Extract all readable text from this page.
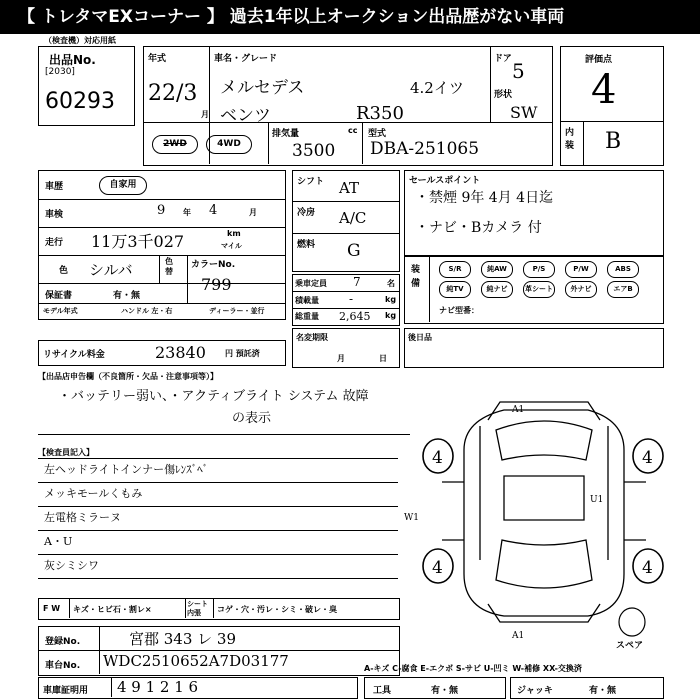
【 トレタマEXコーナー 】 過去1年以上オークション出品歴がない車両
（検査機）対応用紙
出品No.
[2030]
60293
年式
22/3
月
車名・グレード
メルセデス	4.2イツ
ベンツ	R350
ドア 5
形状
SW
2WD	4WD
排気量	cc
3500
型式
DBA-251065
評価点
4
内装 B
車歴	自家用
車検	9 年 4	月
走行 11万3千027	km
マイル
色 シルバ	色替
カラーNo.
799
保証書	有・無
モデル年式	ハンドル 左・右	ディーラー・並行
シフト AT
冷房 A/C
燃料 G
乗車定員 7	名
積載量	-	kg
総重量 2,645 kg
セールスポイント
・禁煙 9年 4月 4日迄
・ナビ・Bカメラ 付
装備
S/R	純AW	P/S	P/W	ABS
純TV	純ナビ	革シート	外ナビ	エアB
ナビ型番：
名変期限
月	日
リサイクル料金	23840 円 預託済
後日品
【出品店申告欄（不良箇所・欠品・注意事項等）】
・バッテリー弱い、・アクティブライト システム 故障
の表示
【検査員記入】
左ヘッドライトインナー傷ﾚﾝｽﾞﾍﾞ
メッキモールくもみ
左電格ミラーヌ
A・U
灰シミシワ
4	4
4	4
W1
U1
A1
A1
スペア
F W キズ・ヒビ石・割レ×
シート内張	コゲ・穴・汚レ・シミ・破レ・臭
登録No.	宮郡 343 レ 39
車台No. WDC2510652A7D03177	A-キズ C-腐食 E-エクボ S-サビ U-凹ミ W-補修 XX-交換済
車庫証明用 4 9 1 2 1 6	工具	有・無	ジャッキ	有・無
